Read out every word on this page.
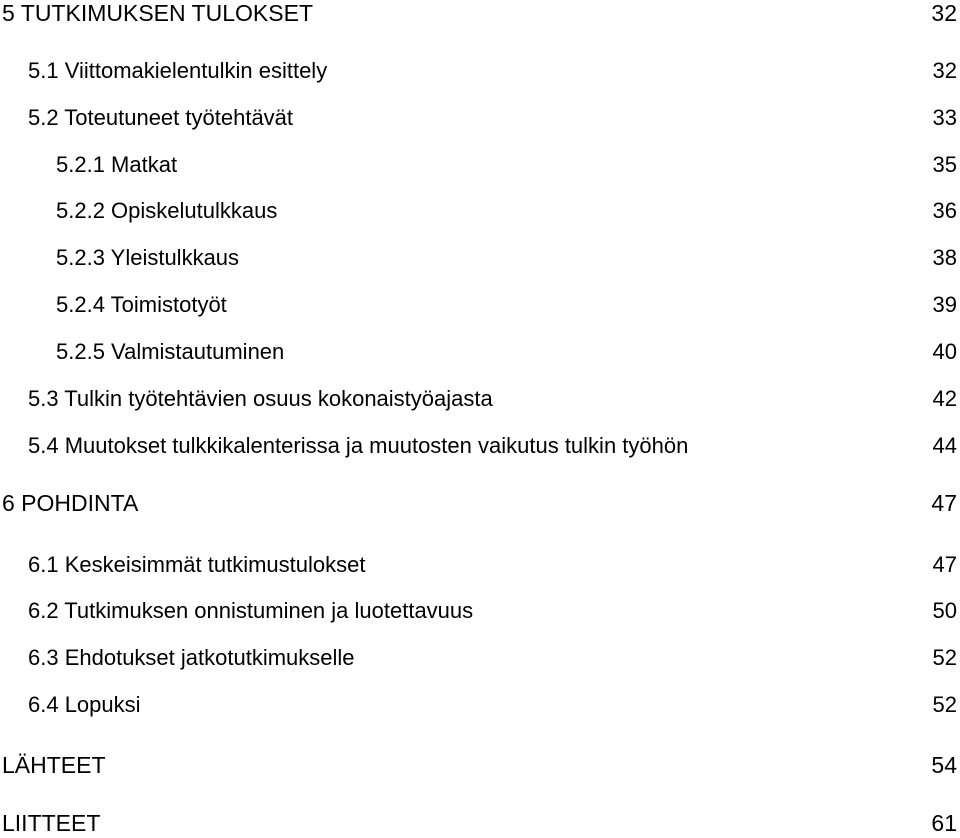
5 TUTKIMUKSEN TULOKSET	32
5.1 Viittomakielentulkin esittely	32
5.2 Toteutuneet työtehtävät	33
5.2.1 Matkat	35
5.2.2 Opiskelutulkkaus	36
5.2.3 Yleistulkkaus	38
5.2.4 Toimistotyöt	39
5.2.5 Valmistautuminen	40
5.3 Tulkin työtehtävien osuus kokonaistyöajasta	42
5.4 Muutokset tulkkikalenterissa ja muutosten vaikutus tulkin työhön	44
6 POHDINTA	47
6.1 Keskeisimmät tutkimustulokset	47
6.2 Tutkimuksen onnistuminen ja luotettavuus	50
6.3 Ehdotukset jatkotutkimukselle	52
6.4 Lopuksi	52
LÄHTEET	54
LIITTEET	61
